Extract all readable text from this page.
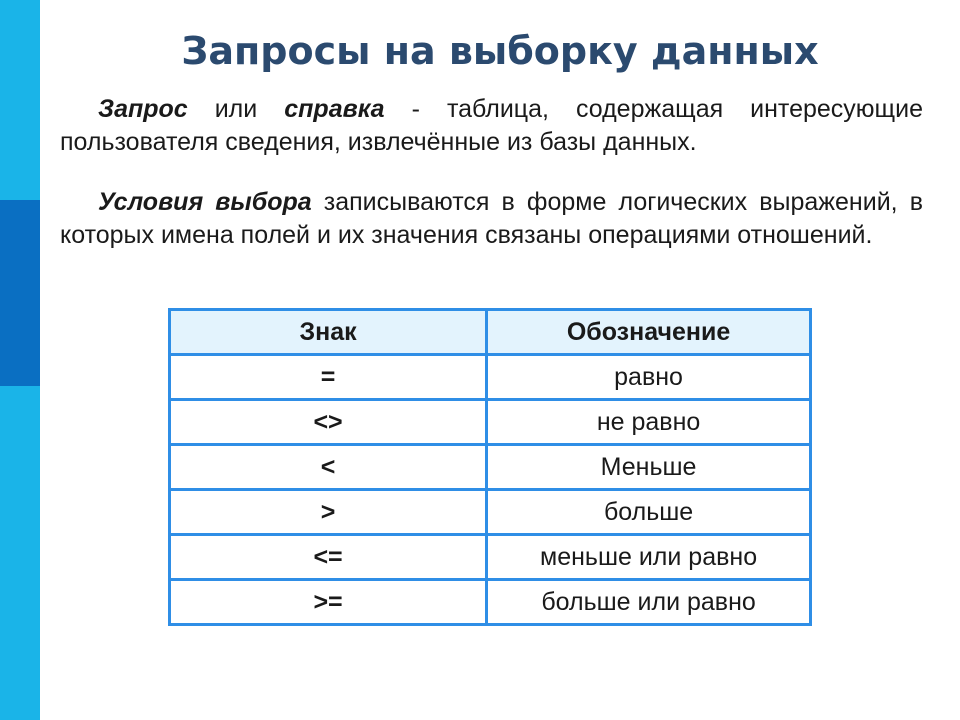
Запросы на выборку данных

Запрос или справка - таблица, содержащая интересующие пользователя сведения, извлечённые из базы данных.

Условия выбора записываются в форме логических выражений, в которых имена полей и их значения связаны операциями отношений.

Знак	Обозначение
=	равно
<>	не равно
<	Меньше
>	больше
<=	меньше или равно
>=	больше или равно
